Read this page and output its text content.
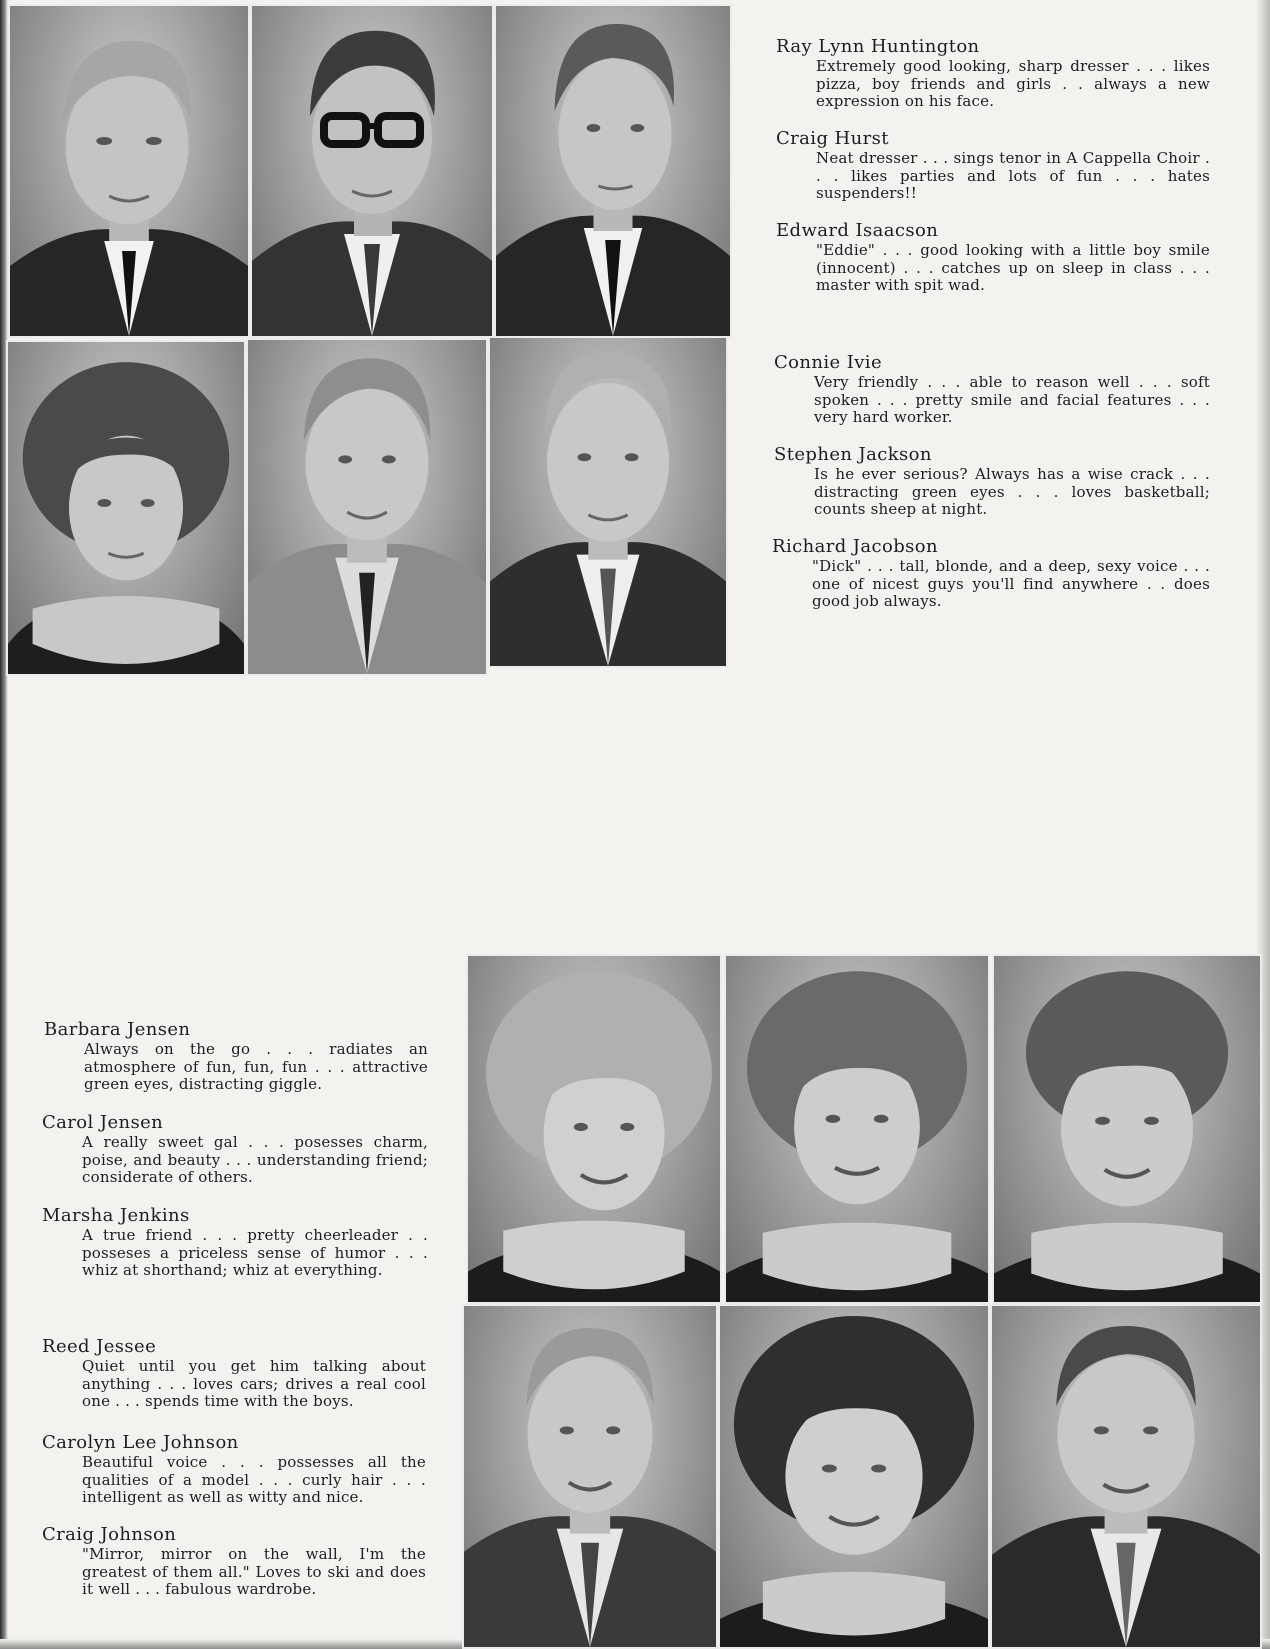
Ray Lynn Huntington
Extremely good looking, sharp dresser . . . likes pizza, boy friends and girls . . always a new expression on his face.
Craig Hurst
Neat dresser . . . sings tenor in A Cappella Choir . . . likes parties and lots of fun . . . hates suspenders!!
Edward Isaacson
"Eddie" . . . good looking with a little boy smile (innocent) . . . catches up on sleep in class . . . master with spit wad.
Connie Ivie
Very friendly . . . able to reason well . . . soft spoken . . . pretty smile and facial features . . . very hard worker.
Stephen Jackson
Is he ever serious? Always has a wise crack . . . distracting green eyes . . . loves basketball; counts sheep at night.
Richard Jacobson
"Dick" . . . tall, blonde, and a deep, sexy voice . . . one of nicest guys you'll find anywhere . . does good job always.
Barbara Jensen
Always on the go . . . radiates an atmosphere of fun, fun, fun . . . attractive green eyes, distracting giggle.
Carol Jensen
A really sweet gal . . . posesses charm, poise, and beauty . . . understanding friend; considerate of others.
Marsha Jenkins
A true friend . . . pretty cheerleader . . posseses a priceless sense of humor . . . whiz at shorthand; whiz at everything.
Reed Jessee
Quiet until you get him talking about anything . . . loves cars; drives a real cool one . . . spends time with the boys.
Carolyn Lee Johnson
Beautiful voice . . . possesses all the qualities of a model . . . curly hair . . . intelligent as well as witty and nice.
Craig Johnson
"Mirror, mirror on the wall, I'm the greatest of them all." Loves to ski and does it well . . . fabulous wardrobe.
